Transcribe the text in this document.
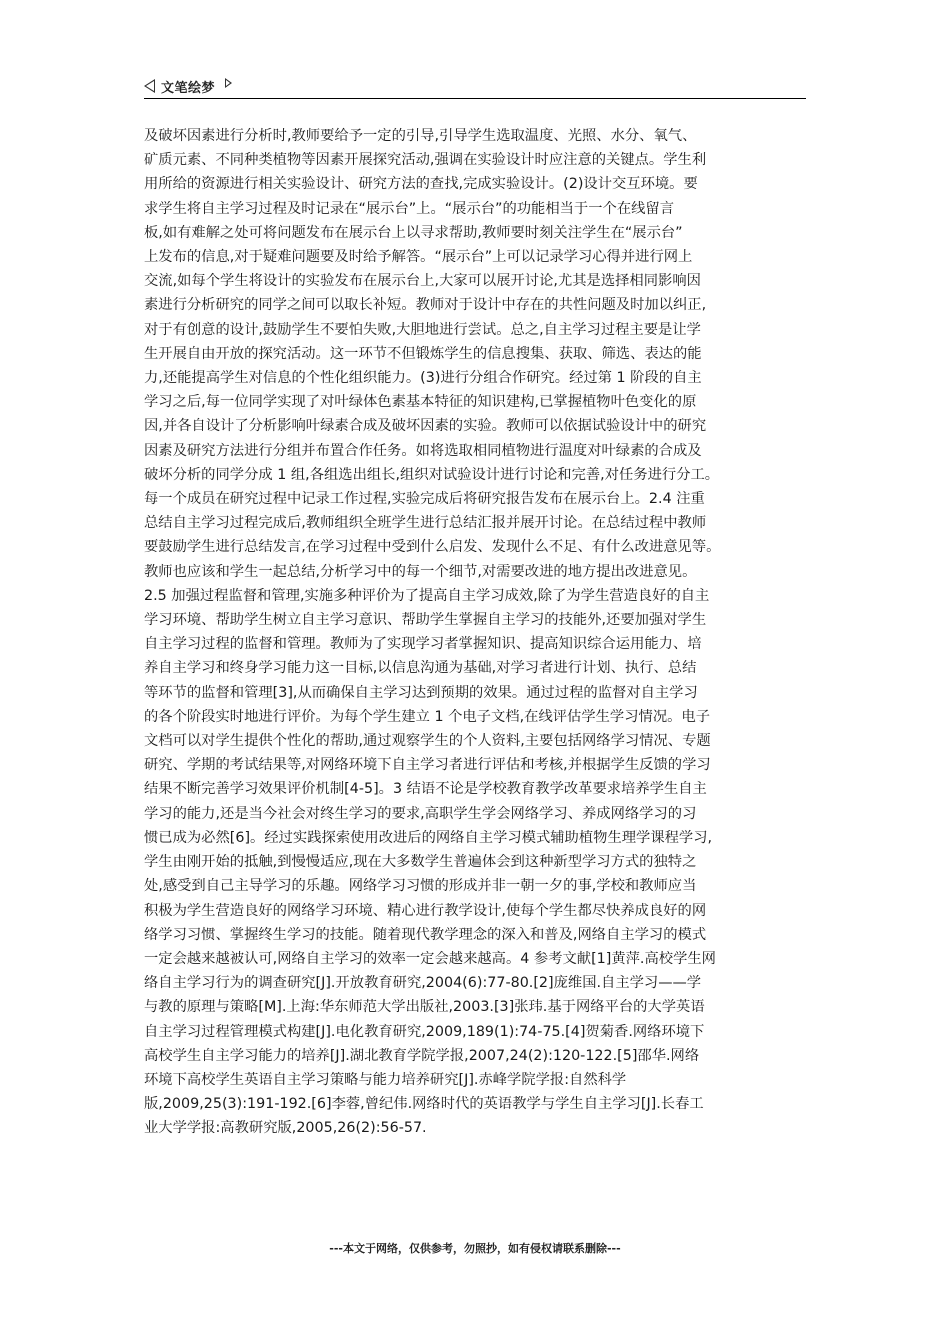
文笔绘梦
及破坏因素进行分析时,教师要给予一定的引导,引导学生选取温度、光照、水分、氧气、
矿质元素、不同种类植物等因素开展探究活动,强调在实验设计时应注意的关键点。学生利
用所给的资源进行相关实验设计、研究方法的查找,完成实验设计。(2)设计交互环境。要
求学生将自主学习过程及时记录在“展示台”上。“展示台”的功能相当于一个在线留言
板,如有难解之处可将问题发布在展示台上以寻求帮助,教师要时刻关注学生在“展示台”
上发布的信息,对于疑难问题要及时给予解答。“展示台”上可以记录学习心得并进行网上
交流,如每个学生将设计的实验发布在展示台上,大家可以展开讨论,尤其是选择相同影响因
素进行分析研究的同学之间可以取长补短。教师对于设计中存在的共性问题及时加以纠正,
对于有创意的设计,鼓励学生不要怕失败,大胆地进行尝试。总之,自主学习过程主要是让学
生开展自由开放的探究活动。这一环节不但锻炼学生的信息搜集、获取、筛选、表达的能
力,还能提高学生对信息的个性化组织能力。(3)进行分组合作研究。经过第 1 阶段的自主
学习之后,每一位同学实现了对叶绿体色素基本特征的知识建构,已掌握植物叶色变化的原
因,并各自设计了分析影响叶绿素合成及破坏因素的实验。教师可以依据试验设计中的研究
因素及研究方法进行分组并布置合作任务。如将选取相同植物进行温度对叶绿素的合成及
破坏分析的同学分成 1 组,各组选出组长,组织对试验设计进行讨论和完善,对任务进行分工。
每一个成员在研究过程中记录工作过程,实验完成后将研究报告发布在展示台上。2.4 注重
总结自主学习过程完成后,教师组织全班学生进行总结汇报并展开讨论。在总结过程中教师
要鼓励学生进行总结发言,在学习过程中受到什么启发、发现什么不足、有什么改进意见等。
教师也应该和学生一起总结,分析学习中的每一个细节,对需要改进的地方提出改进意见。
2.5 加强过程监督和管理,实施多种评价为了提高自主学习成效,除了为学生营造良好的自主
学习环境、帮助学生树立自主学习意识、帮助学生掌握自主学习的技能外,还要加强对学生
自主学习过程的监督和管理。教师为了实现学习者掌握知识、提高知识综合运用能力、培
养自主学习和终身学习能力这一目标,以信息沟通为基础,对学习者进行计划、执行、总结
等环节的监督和管理[3],从而确保自主学习达到预期的效果。通过过程的监督对自主学习
的各个阶段实时地进行评价。为每个学生建立 1 个电子文档,在线评估学生学习情况。电子
文档可以对学生提供个性化的帮助,通过观察学生的个人资料,主要包括网络学习情况、专题
研究、学期的考试结果等,对网络环境下自主学习者进行评估和考核,并根据学生反馈的学习
结果不断完善学习效果评价机制[4-5]。3 结语不论是学校教育教学改革要求培养学生自主
学习的能力,还是当今社会对终生学习的要求,高职学生学会网络学习、养成网络学习的习
惯已成为必然[6]。经过实践探索使用改进后的网络自主学习模式辅助植物生理学课程学习,
学生由刚开始的抵触,到慢慢适应,现在大多数学生普遍体会到这种新型学习方式的独特之
处,感受到自己主导学习的乐趣。网络学习习惯的形成并非一朝一夕的事,学校和教师应当
积极为学生营造良好的网络学习环境、精心进行教学设计,使每个学生都尽快养成良好的网
络学习习惯、掌握终生学习的技能。随着现代教学理念的深入和普及,网络自主学习的模式
一定会越来越被认可,网络自主学习的效率一定会越来越高。4 参考文献[1]黄萍.高校学生网
络自主学习行为的调查研究[J].开放教育研究,2004(6):77-80.[2]庞维国.自主学习——学
与教的原理与策略[M].上海:华东师范大学出版社,2003.[3]张玮.基于网络平台的大学英语
自主学习过程管理模式构建[J].电化教育研究,2009,189(1):74-75.[4]贺菊香.网络环境下
高校学生自主学习能力的培养[J].湖北教育学院学报,2007,24(2):120-122.[5]邵华.网络
环境下高校学生英语自主学习策略与能力培养研究[J].赤峰学院学报:自然科学
版,2009,25(3):191-192.[6]李蓉,曾纪伟.网络时代的英语教学与学生自主学习[J].长春工
业大学学报:高教研究版,2005,26(2):56-57.
---本文于网络，仅供参考，勿照抄，如有侵权请联系删除---
